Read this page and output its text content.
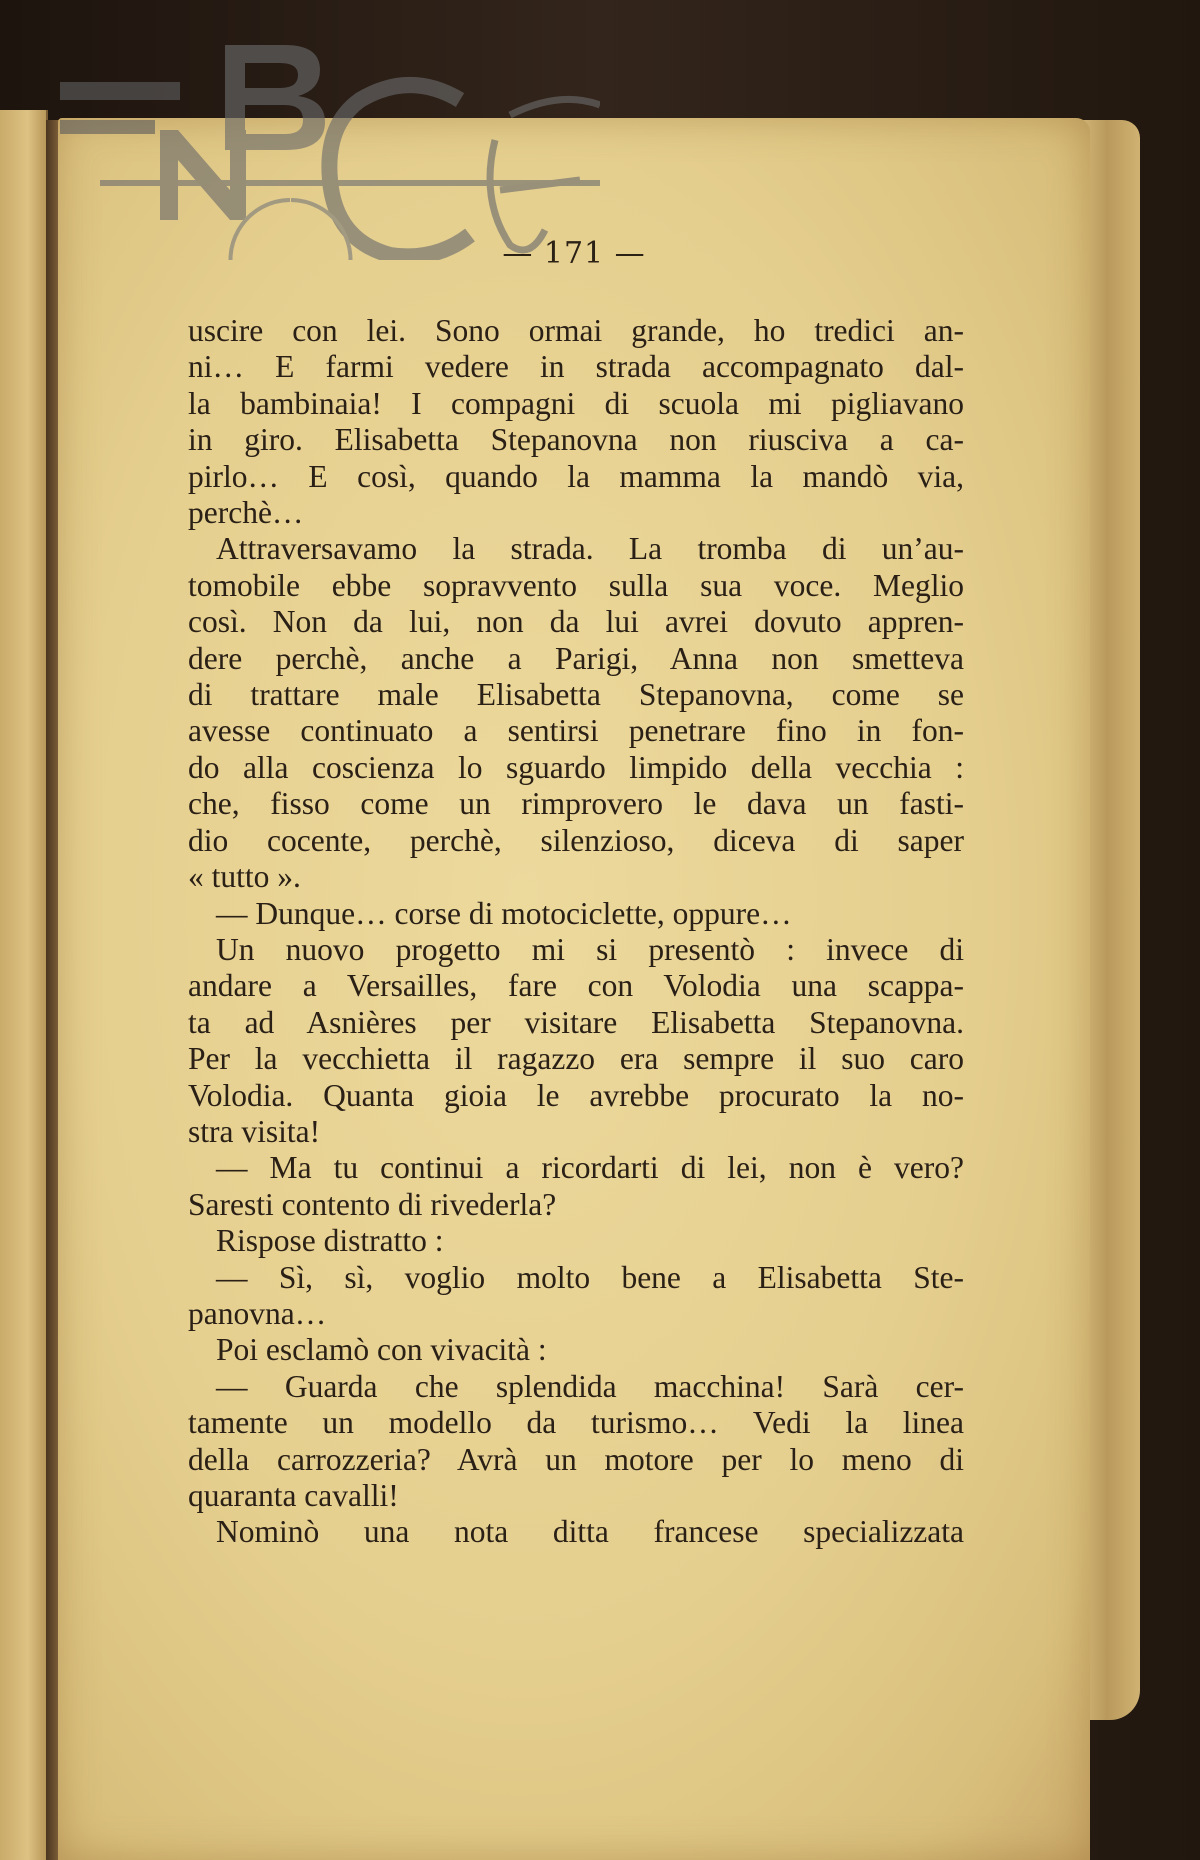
— 171 —
uscire con lei. Sono ormai grande, ho tredici an-
ni… E farmi vedere in strada accompagnato dal-
la bambinaia! I compagni di scuola mi pigliavano
in giro. Elisabetta Stepanovna non riusciva a ca-
pirlo… E così, quando la mamma la mandò via,
perchè…
Attraversavamo la strada. La tromba di un’au-
tomobile ebbe sopravvento sulla sua voce. Meglio
così. Non da lui, non da lui avrei dovuto appren-
dere perchè, anche a Parigi, Anna non smetteva
di trattare male Elisabetta Stepanovna, come se
avesse continuato a sentirsi penetrare fino in fon-
do alla coscienza lo sguardo limpido della vecchia :
che, fisso come un rimprovero le dava un fasti-
dio cocente, perchè, silenzioso, diceva di saper
« tutto ».
— Dunque… corse di motociclette, oppure…
Un nuovo progetto mi si presentò : invece di
andare a Versailles, fare con Volodia una scappa-
ta ad Asnières per visitare Elisabetta Stepanovna.
Per la vecchietta il ragazzo era sempre il suo caro
Volodia. Quanta gioia le avrebbe procurato la no-
stra visita!
— Ma tu continui a ricordarti di lei, non è vero?
Saresti contento di rivederla?
Rispose distratto :
— Sì, sì, voglio molto bene a Elisabetta Ste-
panovna…
Poi esclamò con vivacità :
— Guarda che splendida macchina! Sarà cer-
tamente un modello da turismo… Vedi la linea
della carrozzeria? Avrà un motore per lo meno di
quaranta cavalli!
Nominò una nota ditta francese specializzata
